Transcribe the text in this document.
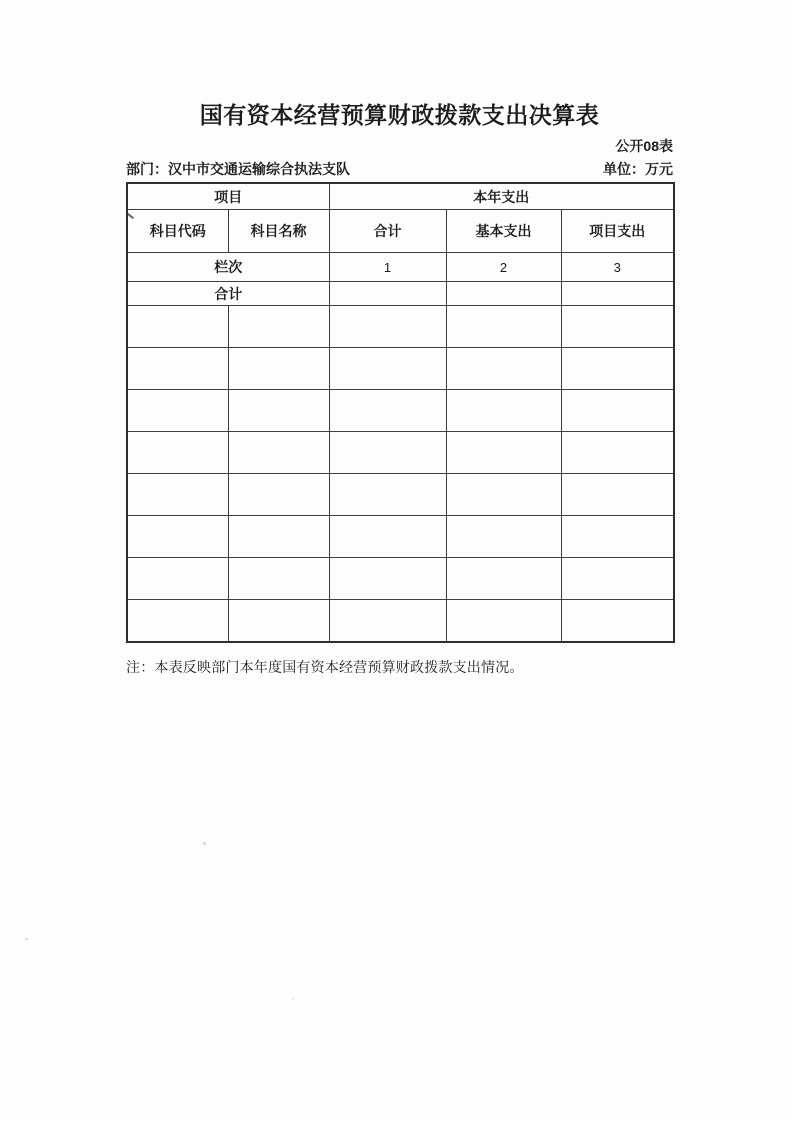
国有资本经营预算财政拨款支出决算表
公开08表
部门：汉中市交通运输综合执法支队	单位：万元
项目		本年支出		
科目代码	科目名称	合计	基本支出	项目支出
栏次		1	2	3
合计				

注：本表反映部门本年度国有资本经营预算财政拨款支出情况。
